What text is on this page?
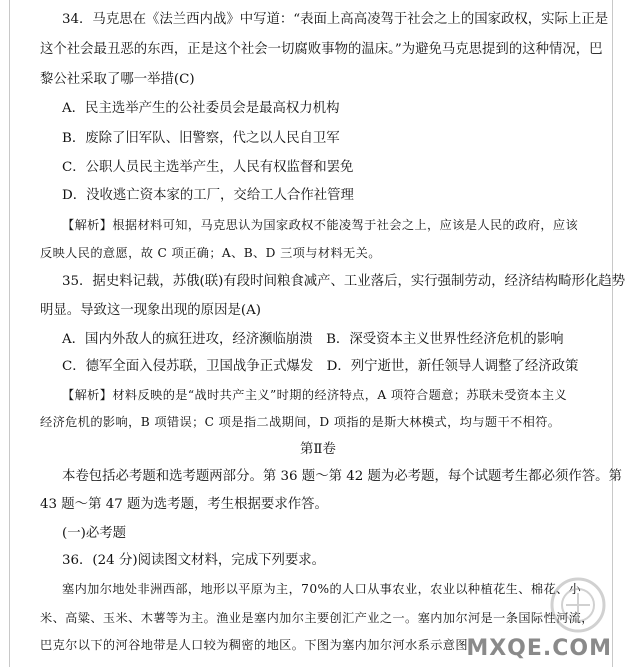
34．马克思在《法兰西内战》中写道：“表面上高高凌驾于社会之上的国家政权，实际上正是
这个社会最丑恶的东西，正是这个社会一切腐败事物的温床。”为避免马克思提到的这种情况，巴
黎公社采取了哪一举措(C)
A．民主选举产生的公社委员会是最高权力机构
B．废除了旧军队、旧警察，代之以人民自卫军
C．公职人员民主选举产生，人民有权监督和罢免
D．没收逃亡资本家的工厂，交给工人合作社管理
【解析】根据材料可知，马克思认为国家政权不能凌驾于社会之上，应该是人民的政府，应该
反映人民的意愿，故 C 项正确；A、B、D 三项与材料无关。
35．据史料记载，苏俄(联)有段时间粮食减产、工业落后，实行强制劳动，经济结构畸形化趋势
明显。导致这一现象出现的原因是(A)
A．国内外敌人的疯狂进攻，经济濒临崩溃　B．深受资本主义世界性经济危机的影响
C．德军全面入侵苏联，卫国战争正式爆发　D．列宁逝世，新任领导人调整了经济政策
【解析】材料反映的是“战时共产主义”时期的经济特点，A 项符合题意；苏联未受资本主义
经济危机的影响，B 项错误；C 项是指二战期间，D 项指的是斯大林模式，均与题干不相符。
第Ⅱ卷
本卷包括必考题和选考题两部分。第 36 题～第 42 题为必考题，每个试题考生都必须作答。第
43 题～第 47 题为选考题，考生根据要求作答。
(一)必考题
36．(24 分)阅读图文材料，完成下列要求。
塞内加尔地处非洲西部，地形以平原为主，70%的人口从事农业，农业以种植花生、棉花、小
米、高粱、玉米、木薯等为主。渔业是塞内加尔主要创汇产业之一。塞内加尔河是一条国际性河流，
巴克尔以下的河谷地带是人口较为稠密的地区。下图为塞内加尔河水系示意图。
MXQE.COM
